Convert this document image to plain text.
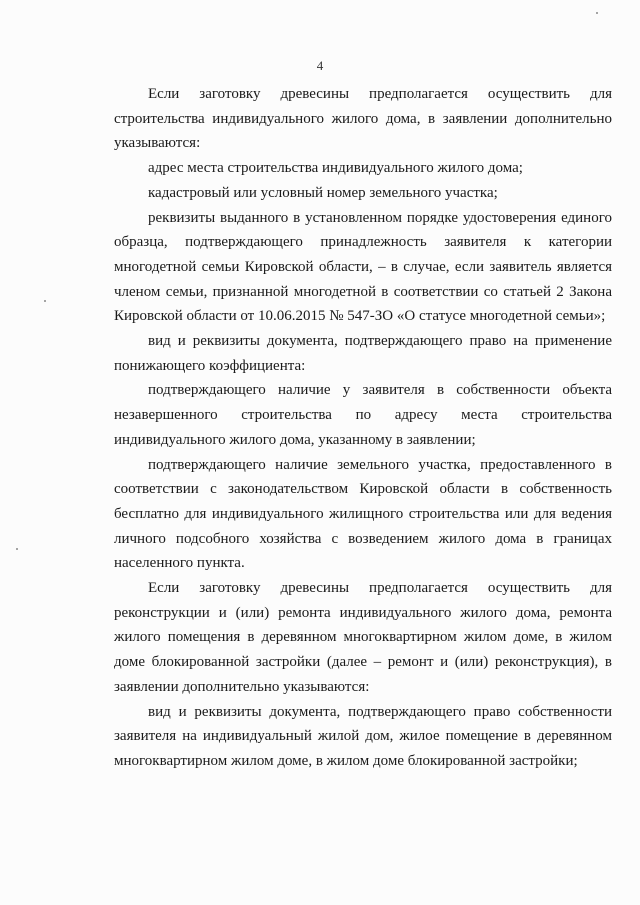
4

Если заготовку древесины предполагается осуществить для строительства индивидуального жилого дома, в заявлении дополнительно указываются:

адрес места строительства индивидуального жилого дома;

кадастровый или условный номер земельного участка;

реквизиты выданного в установленном порядке удостоверения единого образца, подтверждающего принадлежность заявителя к категории многодетной семьи Кировской области, – в случае, если заявитель является членом семьи, признанной многодетной в соответствии со статьей 2 Закона Кировской области от 10.06.2015 № 547-ЗО «О статусе многодетной семьи»;

вид и реквизиты документа, подтверждающего право на применение понижающего коэффициента:

подтверждающего наличие у заявителя в собственности объекта незавершенного строительства по адресу места строительства индивидуального жилого дома, указанному в заявлении;

подтверждающего наличие земельного участка, предоставленного в соответствии с законодательством Кировской области в собственность бесплатно для индивидуального жилищного строительства или для ведения личного подсобного хозяйства с возведением жилого дома в границах населенного пункта.

Если заготовку древесины предполагается осуществить для реконструкции и (или) ремонта индивидуального жилого дома, ремонта жилого помещения в деревянном многоквартирном жилом доме, в жилом доме блокированной застройки (далее – ремонт и (или) реконструкция), в заявлении дополнительно указываются:

вид и реквизиты документа, подтверждающего право собственности заявителя на индивидуальный жилой дом, жилое помещение в деревянном многоквартирном жилом доме, в жилом доме блокированной застройки;
